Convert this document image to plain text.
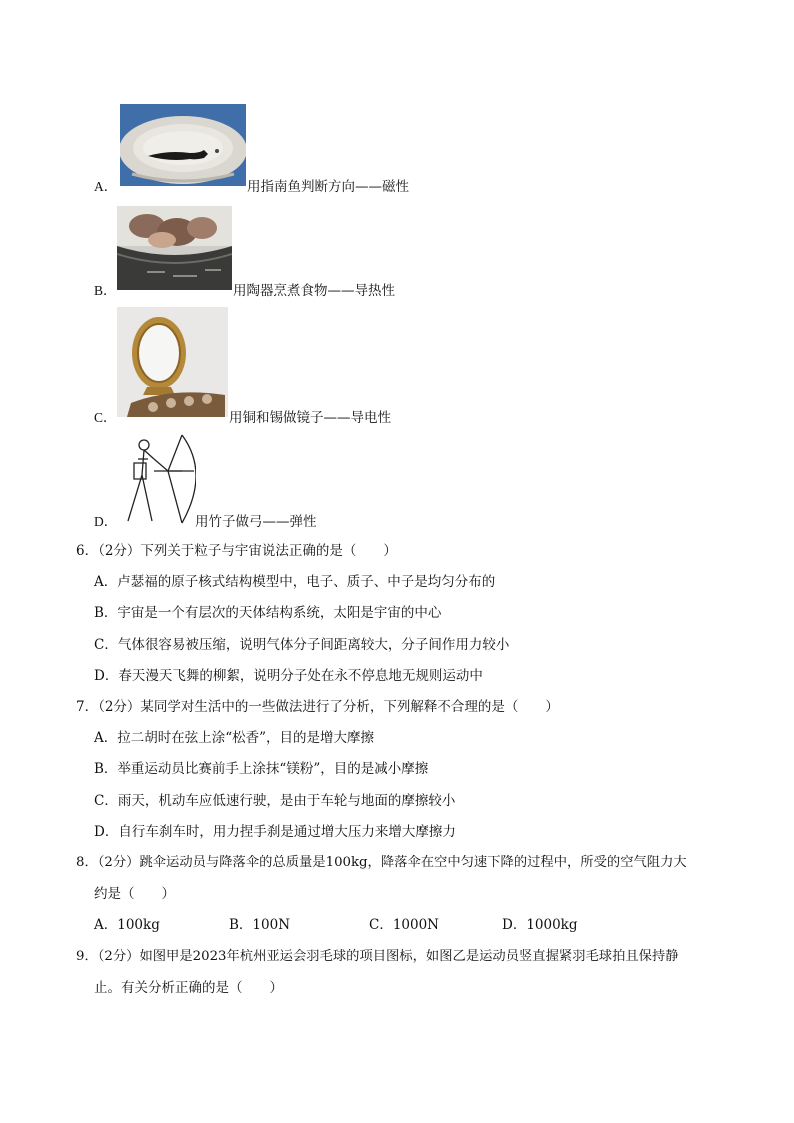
A．	用指南鱼判断方向——磁性
B．	用陶器烹煮食物——导热性
C．	用铜和锡做镜子——导电性
D．	用竹子做弓——弹性
6．（2分）下列关于粒子与宇宙说法正确的是（　　）
A．卢瑟福的原子核式结构模型中，电子、质子、中子是均匀分布的
B．宇宙是一个有层次的天体结构系统，太阳是宇宙的中心
C．气体很容易被压缩，说明气体分子间距离较大，分子间作用力较小
D．春天漫天飞舞的柳絮，说明分子处在永不停息地无规则运动中
7．（2分）某同学对生活中的一些做法进行了分析，下列解释不合理的是（　　）
A．拉二胡时在弦上涂“松香”，目的是增大摩擦
B．举重运动员比赛前手上涂抹“镁粉”，目的是减小摩擦
C．雨天，机动车应低速行驶，是由于车轮与地面的摩擦较小
D．自行车刹车时，用力捏手刹是通过增大压力来增大摩擦力
8．（2分）跳伞运动员与降落伞的总质量是100kg，降落伞在空中匀速下降的过程中，所受的空气阻力大
约是（　　）
A．100kg	B．100N	C．1000N	D．1000kg
9．（2分）如图甲是2023年杭州亚运会羽毛球的项目图标，如图乙是运动员竖直握紧羽毛球拍且保持静
止。有关分析正确的是（　　）
